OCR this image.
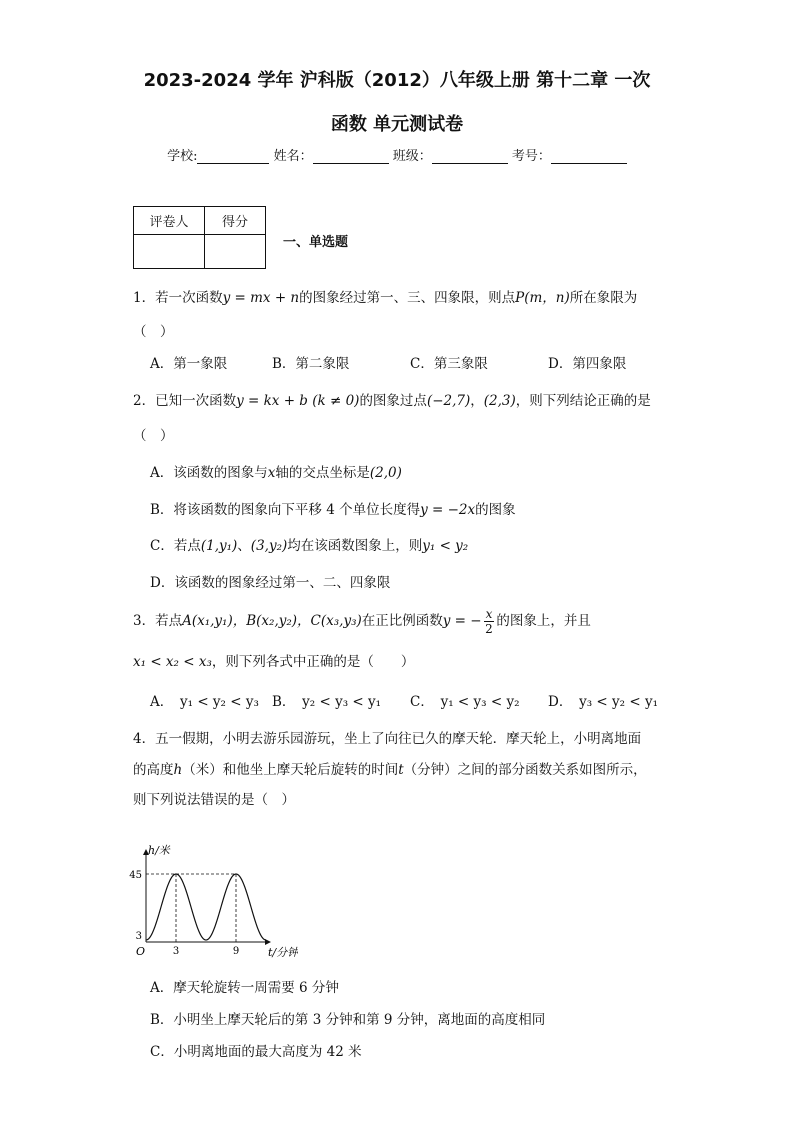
2023-2024 学年 沪科版（2012）八年级上册 第十二章 一次
函数 单元测试卷
学校:	姓名：	班级：	考号：
评卷人	得分

一、单选题
1．若一次函数y = mx + n的图象经过第一、三、四象限，则点P(m，n)所在象限为
（　）
A．第一象限	B．第二象限	C．第三象限	D．第四象限
2．已知一次函数y = kx + b (k ≠ 0)的图象过点(−2,7)，(2,3)，则下列结论正确的是
（　）
A．该函数的图象与x轴的交点坐标是(2,0)
B．将该函数的图象向下平移 4 个单位长度得y = −2x的图象
C．若点(1,y₁)、(3,y₂)均在该函数图象上，则y₁ < y₂
D．该函数的图象经过第一、二、四象限
3．若点A(x₁,y₁)，B(x₂,y₂)，C(x₃,y₃)在正比例函数y = − $\frac{x}{2}$ 的图象上，并且
x₁ < x₂ < x₃，则下列各式中正确的是（　　）
A．　y₁ < y₂ < y₃ B．　y₂ < y₃ < y₁ C．　y₁ < y₃ < y₂ D．　y₃ < y₂ < y₁
4．五一假期，小明去游乐园游玩，坐上了向往已久的摩天轮．摩天轮上，小明离地面
的高度h（米）和他坐上摩天轮后旋转的时间t（分钟）之间的部分函数关系如图所示，
则下列说法错误的是（　）
h/米
t/分钟
O	3	9
3
45
A．摩天轮旋转一周需要 6 分钟
B．小明坐上摩天轮后的第 3 分钟和第 9 分钟，离地面的高度相同
C．小明离地面的最大高度为 42 米
